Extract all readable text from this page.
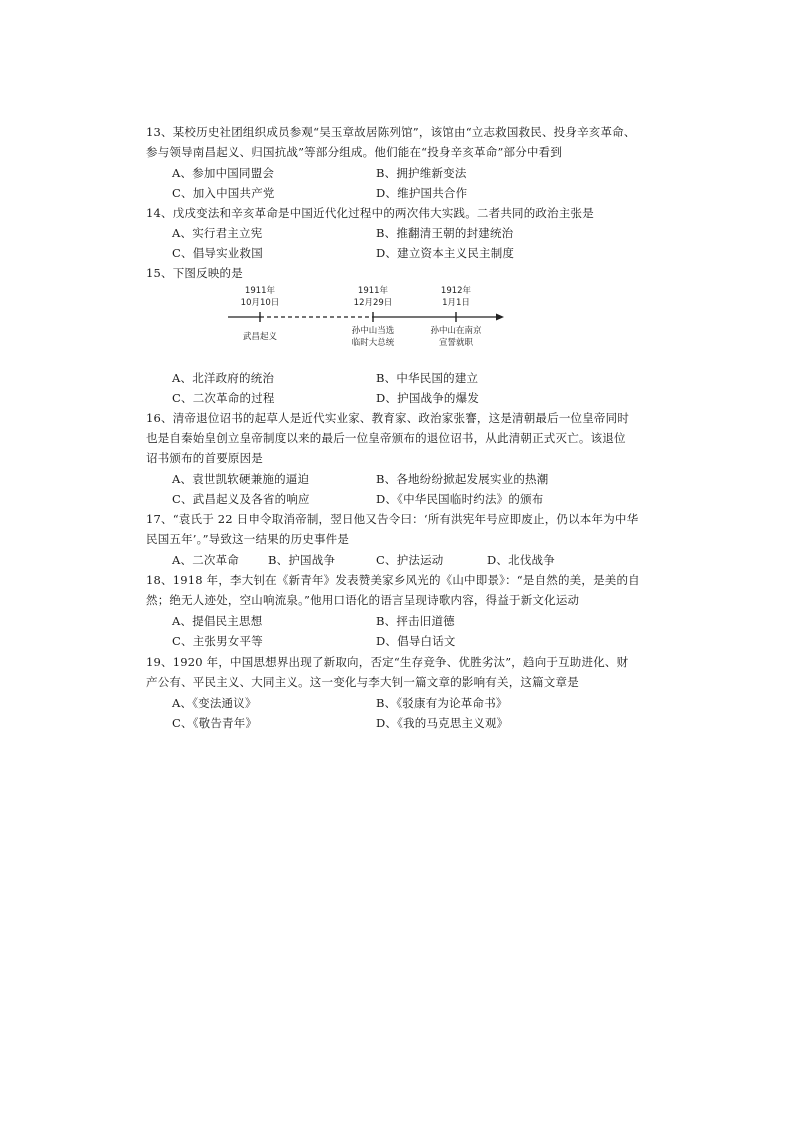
13、某校历史社团组织成员参观“吴玉章故居陈列馆”，该馆由“立志救国救民、投身辛亥革命、
参与领导南昌起义、归国抗战”等部分组成。他们能在“投身辛亥革命”部分中看到
A、参加中国同盟会	B、拥护维新变法
C、加入中国共产党	D、维护国共合作
14、戊戌变法和辛亥革命是中国近代化过程中的两次伟大实践。二者共同的政治主张是
A、实行君主立宪	B、推翻清王朝的封建统治
C、倡导实业救国	D、建立资本主义民主制度
15、下图反映的是
1911年
10月10日
武昌起义
1911年
12月29日
孙中山当选
临时大总统
1912年
1月1日
孙中山在南京
宣誓就职
A、北洋政府的统治	B、中华民国的建立
C、二次革命的过程	D、护国战争的爆发
16、清帝退位诏书的起草人是近代实业家、教育家、政治家张謇，这是清朝最后一位皇帝同时
也是自秦始皇创立皇帝制度以来的最后一位皇帝颁布的退位诏书，从此清朝正式灭亡。该退位
诏书颁布的首要原因是
A、袁世凯软硬兼施的逼迫	B、各地纷纷掀起发展实业的热潮
C、武昌起义及各省的响应	D、《中华民国临时约法》的颁布
17、“袁氏于 22 日申令取消帝制，翌日他又告令曰：‘所有洪宪年号应即废止，仍以本年为中华
民国五年’。”导致这一结果的历史事件是
A、二次革命	B、护国战争	C、护法运动	D、北伐战争
18、1918 年，李大钊在《新青年》发表赞美家乡风光的《山中即景》：“是自然的美，是美的自
然；绝无人迹处，空山响流泉。”他用口语化的语言呈现诗歌内容，得益于新文化运动
A、提倡民主思想	B、抨击旧道德
C、主张男女平等	D、倡导白话文
19、1920 年，中国思想界出现了新取向，否定“生存竞争、优胜劣汰”，趋向于互助进化、财
产公有、平民主义、大同主义。这一变化与李大钊一篇文章的影响有关，这篇文章是
A、《变法通议》	B、《驳康有为论革命书》
C、《敬告青年》	D、《我的马克思主义观》
